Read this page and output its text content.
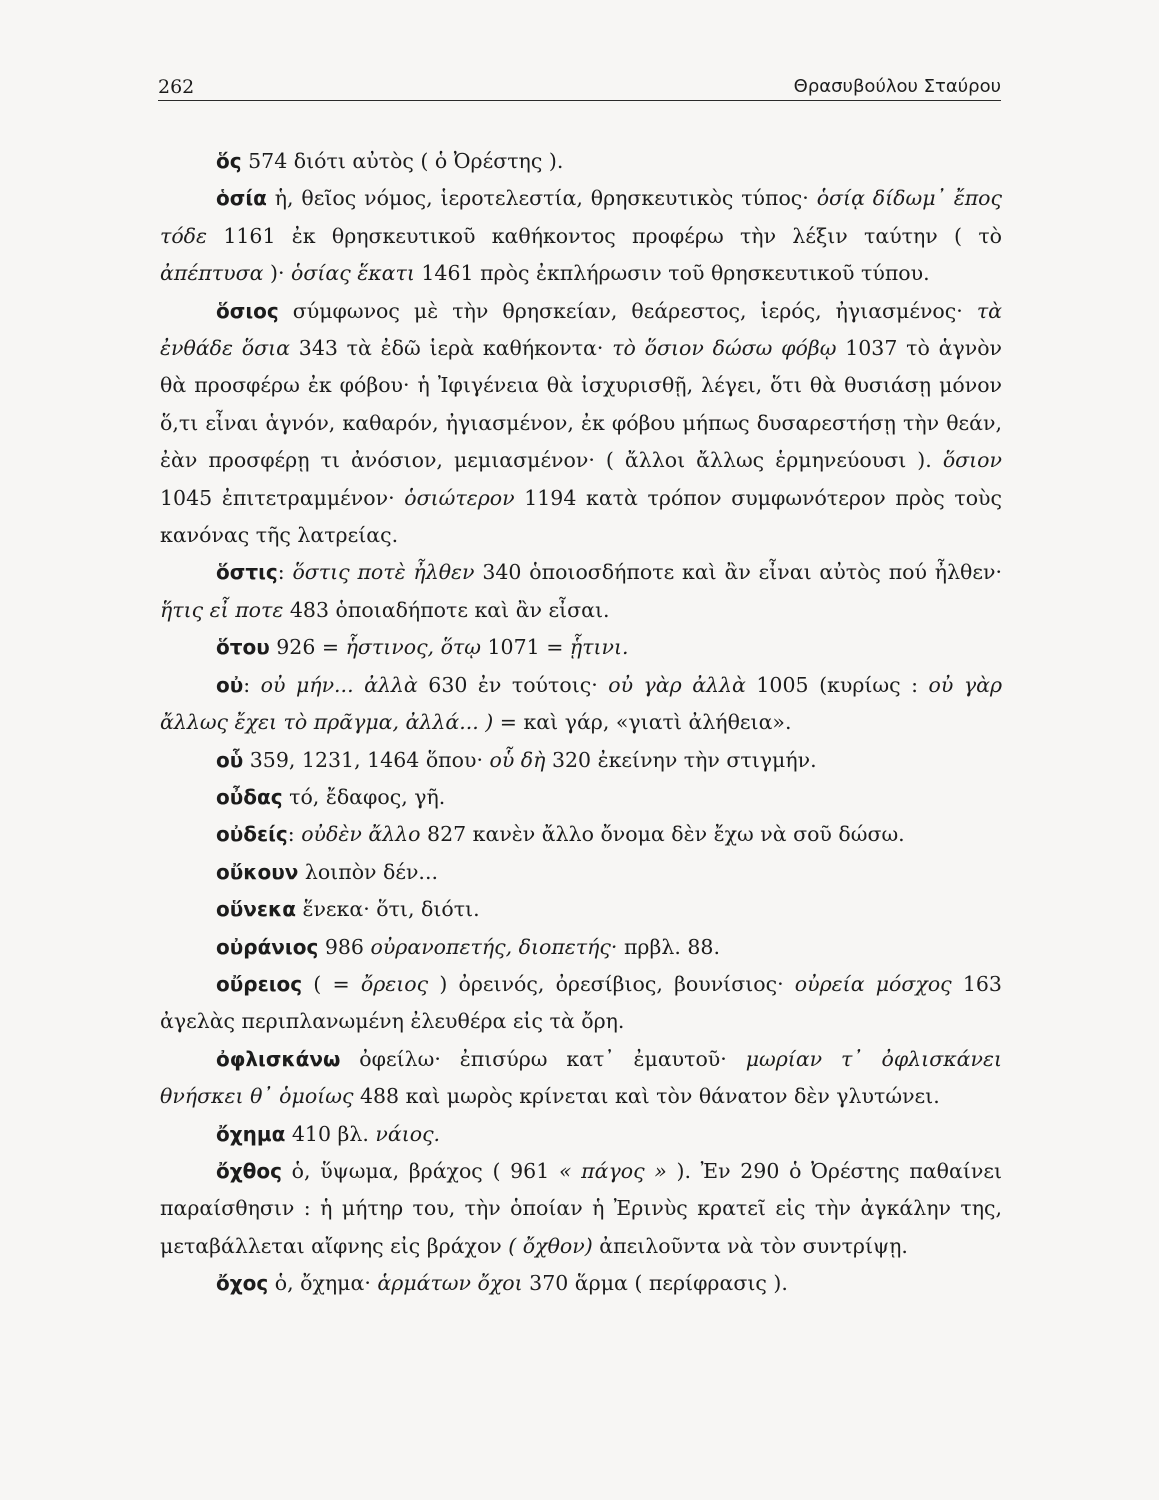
262	Θρασυβούλου Σταύρου

ὅς 574 διότι αὐτὸς ( ὁ Ὀρέστης ).

ὁσία ἡ, θεῖος νόμος, ἱεροτελεστία, θρησκευτικὸς τύπος· ὁσίᾳ δίδωμ᾽ ἔπος τόδε 1161 ἐκ θρησκευτικοῦ καθήκοντος προφέρω τὴν λέξιν ταύτην ( τὸ ἀπέπτυσα )· ὁσίας ἕκατι 1461 πρὸς ἐκπλήρωσιν τοῦ θρησκευτικοῦ τύπου.

ὅσιος σύμφωνος μὲ τὴν θρησκείαν, θεάρεστος, ἱερός, ἠγιασμένος· τὰ ἐνθάδε ὅσια 343 τὰ ἐδῶ ἱερὰ καθήκοντα· τὸ ὅσιον δώσω φόβῳ 1037 τὸ ἁγνὸν θὰ προσφέρω ἐκ φόβου· ἡ Ἰφιγένεια θὰ ἰσχυρισθῇ, λέγει, ὅτι θὰ θυσιάσῃ μόνον ὅ,τι εἶναι ἁγνόν, καθαρόν, ἠγιασμένον, ἐκ φόβου μήπως δυσαρεστήσῃ τὴν θεάν, ἐὰν προσφέρῃ τι ἀνόσιον, μεμιασμένον· ( ἄλλοι ἄλλως ἑρμηνεύουσι ). ὅσιον 1045 ἐπιτετραμμένον· ὁσιώτερον 1194 κατὰ τρόπον συμφωνότερον πρὸς τοὺς κανόνας τῆς λατρείας.

ὅστις: ὅστις ποτὲ ἦλθεν 340 ὁποιοσδήποτε καὶ ἂν εἶναι αὐτὸς πού ἦλθεν· ἥτις εἶ ποτε 483 ὁποιαδήποτε καὶ ἂν εἶσαι.

ὅτου 926 = ἧστινος, ὅτῳ 1071 = ᾗτινι.

οὐ: οὐ μήν... ἀλλὰ 630 ἐν τούτοις· οὐ γὰρ ἀλλὰ 1005 (κυρίως : οὐ γὰρ ἄλλως ἔχει τὸ πρᾶγμα, ἀλλά... ) = καὶ γάρ, «γιατὶ ἀλήθεια».

οὗ 359, 1231, 1464 ὅπου· οὗ δὴ 320 ἐκείνην τὴν στιγμήν.

οὖδας τό, ἔδαφος, γῆ.

οὐδείς: οὐδὲν ἄλλο 827 κανὲν ἄλλο ὄνομα δὲν ἔχω νὰ σοῦ δώσω.

οὔκουν λοιπὸν δέν...

οὕνεκα ἕνεκα· ὅτι, διότι.

οὐράνιος 986 οὐρανοπετής, διοπετής· πρβλ. 88.

οὔρειος ( = ὄρειος ) ὀρεινός, ὀρεσίβιος, βουνίσιος· οὐρεία μόσχος 163 ἀγελὰς περιπλανωμένη ἐλευθέρα εἰς τὰ ὄρη.

ὀφλισκάνω ὀφείλω· ἐπισύρω κατ᾽ ἐμαυτοῦ· μωρίαν τ᾽ ὀφλισκάνει θνήσκει θ᾽ ὁμοίως 488 καὶ μωρὸς κρίνεται καὶ τὸν θάνατον δὲν γλυτώνει.

ὄχημα 410 βλ. νάιος.

ὄχθος ὁ, ὕψωμα, βράχος ( 961 « πάγος » ). Ἐν 290 ὁ Ὀρέστης παθαίνει παραίσθησιν : ἡ μήτηρ του, τὴν ὁποίαν ἡ Ἐρινὺς κρατεῖ εἰς τὴν ἀγκάλην της, μεταβάλλεται αἴφνης εἰς βράχον ( ὄχθον) ἀπειλοῦντα νὰ τὸν συντρίψῃ.

ὄχος ὁ, ὄχημα· ἁρμάτων ὄχοι 370 ἅρμα ( περίφρασις ).
